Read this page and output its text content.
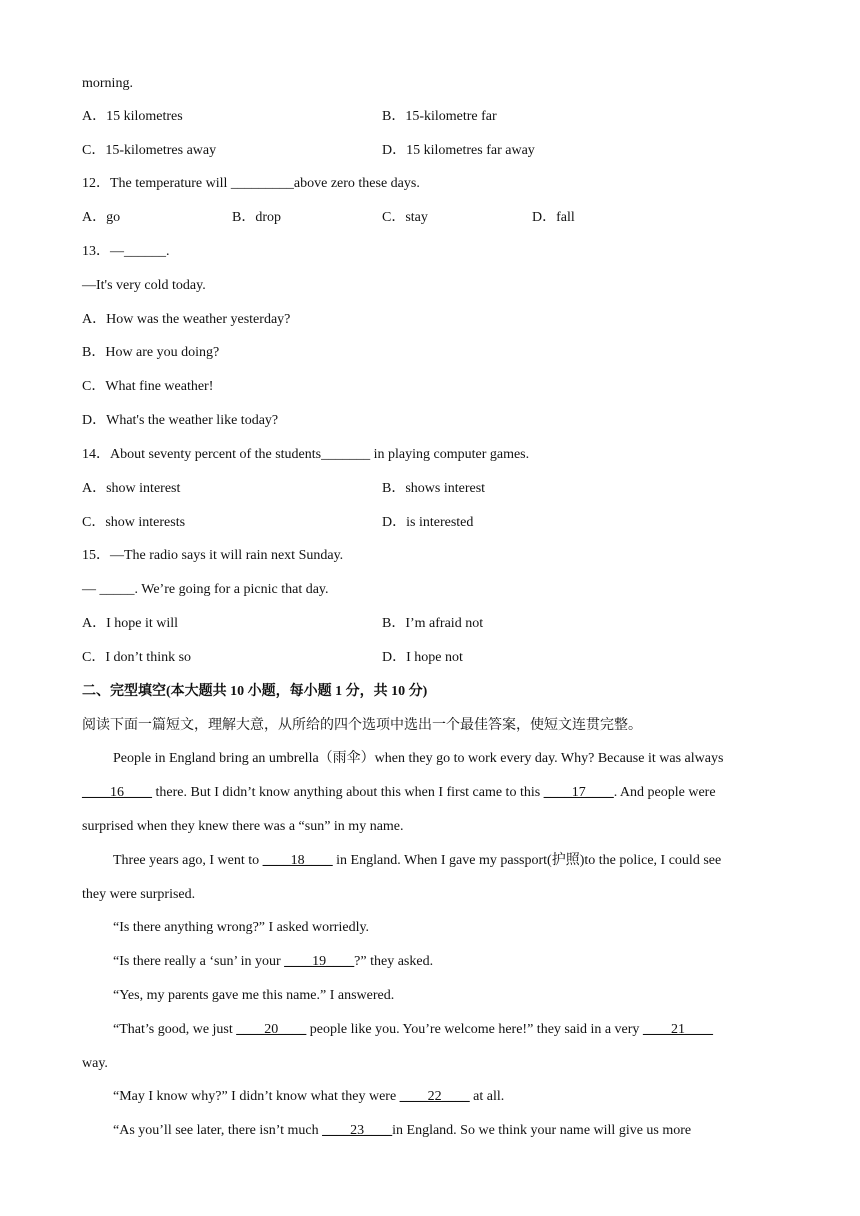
morning.
A．15 kilometres	B．15-kilometre far
C．15-kilometres away	D．15 kilometres far away
12．The temperature will _________above zero these days.
A．go	B．drop	C．stay	D．fall
13．—______.
—It's very cold today.
A．How was the weather yesterday?
B．How are you doing?
C．What fine weather!
D．What's the weather like today?
14．About seventy percent of the students_______ in playing computer games.
A．show interest	B．shows interest
C．show interests	D．is interested
15．—The radio says it will rain next Sunday.
— _____. We’re going for a picnic that day.
A．I hope it will	B．I’m afraid not
C．I don’t think so	D．I hope not
二、完型填空(本大题共 10 小题，每小题 1 分，共 10 分)
阅读下面一篇短文，理解大意，从所给的四个选项中选出一个最佳答案，使短文连贯完整。
People in England bring an umbrella（雨伞）when they go to work every day. Why? Because it was always
____16____ there. But I didn’t know anything about this when I first came to this ____17____. And people were
surprised when they knew there was a “sun” in my name.
Three years ago, I went to ____18____ in England. When I gave my passport(护照)to the police, I could see
they were surprised.
“Is there anything wrong?” I asked worriedly.
“Is there really a ‘sun’ in your ____19____?” they asked.
“Yes, my parents gave me this name.” I answered.
“That’s good, we just ____20____ people like you. You’re welcome here!” they said in a very ____21____
way.
“May I know why?” I didn’t know what they were ____22____ at all.
“As you’ll see later, there isn’t much ____23____in England. So we think your name will give us more
